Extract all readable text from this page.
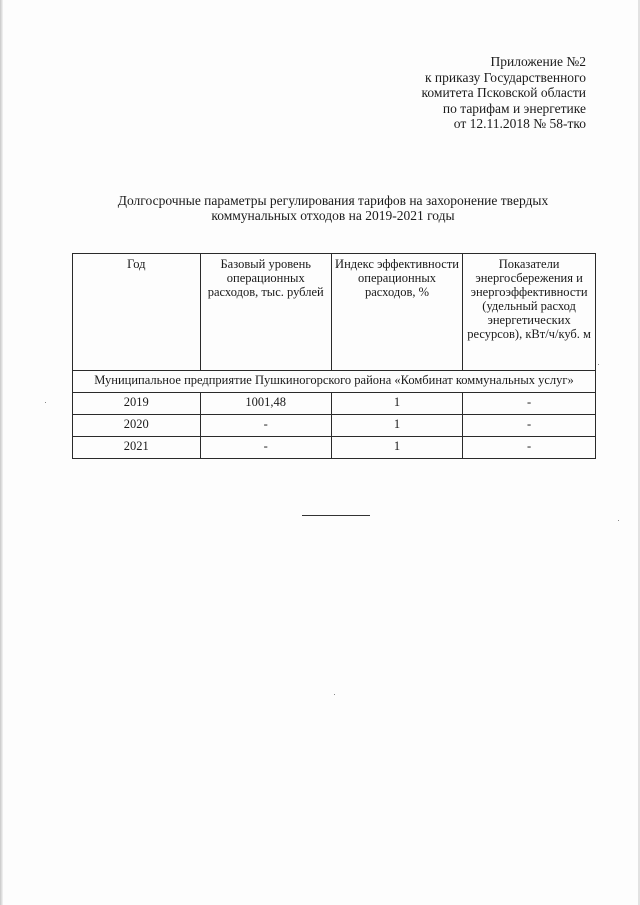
Приложение №2
к приказу Государственного
комитета Псковской области
по тарифам и энергетике
от 12.11.2018 № 58-тко
Долгосрочные параметры регулирования тарифов на захоронение твердых
коммунальных отходов на 2019-2021 годы
Год	Базовый уровень операционных расходов, тыс. рублей	Индекс эффективности операционных расходов, %	Показатели энергосбережения и энергоэффективности (удельный расход энергетических ресурсов), кВт/ч/куб. м
Муниципальное предприятие Пушкиногорского района «Комбинат коммунальных услуг»			
2019	1001,48	1	-
2020	-	1	-
2021	-	1	-
